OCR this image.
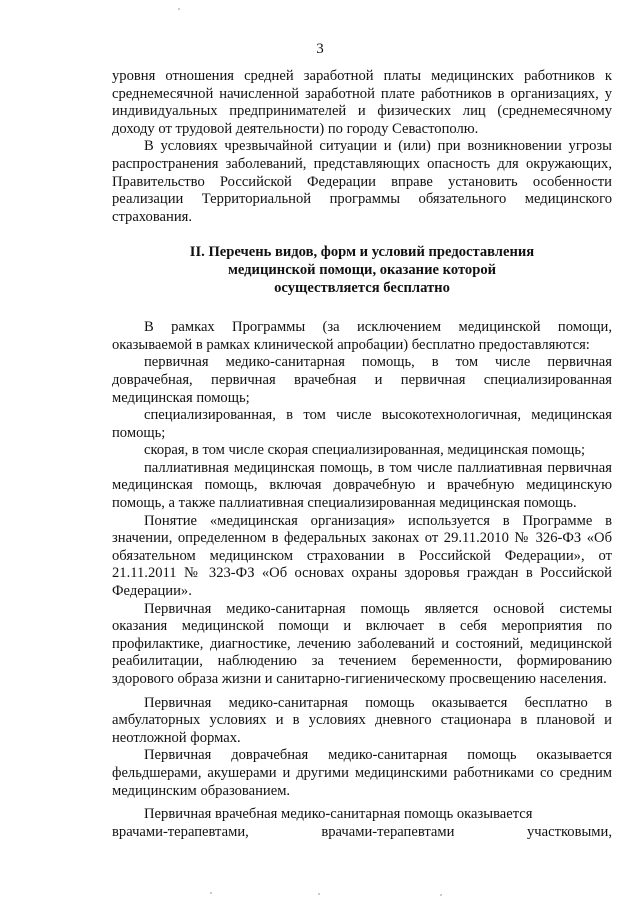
3

уровня отношения средней заработной платы медицинских работников к среднемесячной начисленной заработной плате работников в организациях, у индивидуальных предпринимателей и физических лиц (среднемесячному доходу от трудовой деятельности) по городу Севастополю.

В условиях чрезвычайной ситуации и (или) при возникновении угрозы распространения заболеваний, представляющих опасность для окружающих, Правительство Российской Федерации вправе установить особенности реализации Территориальной программы обязательного медицинского страхования.

II. Перечень видов, форм и условий предоставления
медицинской помощи, оказание которой
осуществляется бесплатно

В рамках Программы (за исключением медицинской помощи, оказываемой в рамках клинической апробации) бесплатно предоставляются:

первичная медико-санитарная помощь, в том числе первичная доврачебная, первичная врачебная и первичная специализированная медицинская помощь;

специализированная, в том числе высокотехнологичная, медицинская помощь;

скорая, в том числе скорая специализированная, медицинская помощь;

паллиативная медицинская помощь, в том числе паллиативная первичная медицинская помощь, включая доврачебную и врачебную медицинскую помощь, а также паллиативная специализированная медицинская помощь.

Понятие «медицинская организация» используется в Программе в значении, определенном в федеральных законах от 29.11.2010 № 326-ФЗ «Об обязательном медицинском страховании в Российской Федерации», от 21.11.2011 № 323-ФЗ «Об основах охраны здоровья граждан в Российской Федерации».

Первичная медико-санитарная помощь является основой системы оказания медицинской помощи и включает в себя мероприятия по профилактике, диагностике, лечению заболеваний и состояний, медицинской реабилитации, наблюдению за течением беременности, формированию здорового образа жизни и санитарно-гигиеническому просвещению населения.

Первичная медико-санитарная помощь оказывается бесплатно в амбулаторных условиях и в условиях дневного стационара в плановой и неотложной формах.

Первичная доврачебная медико-санитарная помощь оказывается фельдшерами, акушерами и другими медицинскими работниками со средним медицинским образованием.

Первичная врачебная медико-санитарная помощь оказывается

врачами-терапевтами,	врачами-терапевтами	участковыми,
